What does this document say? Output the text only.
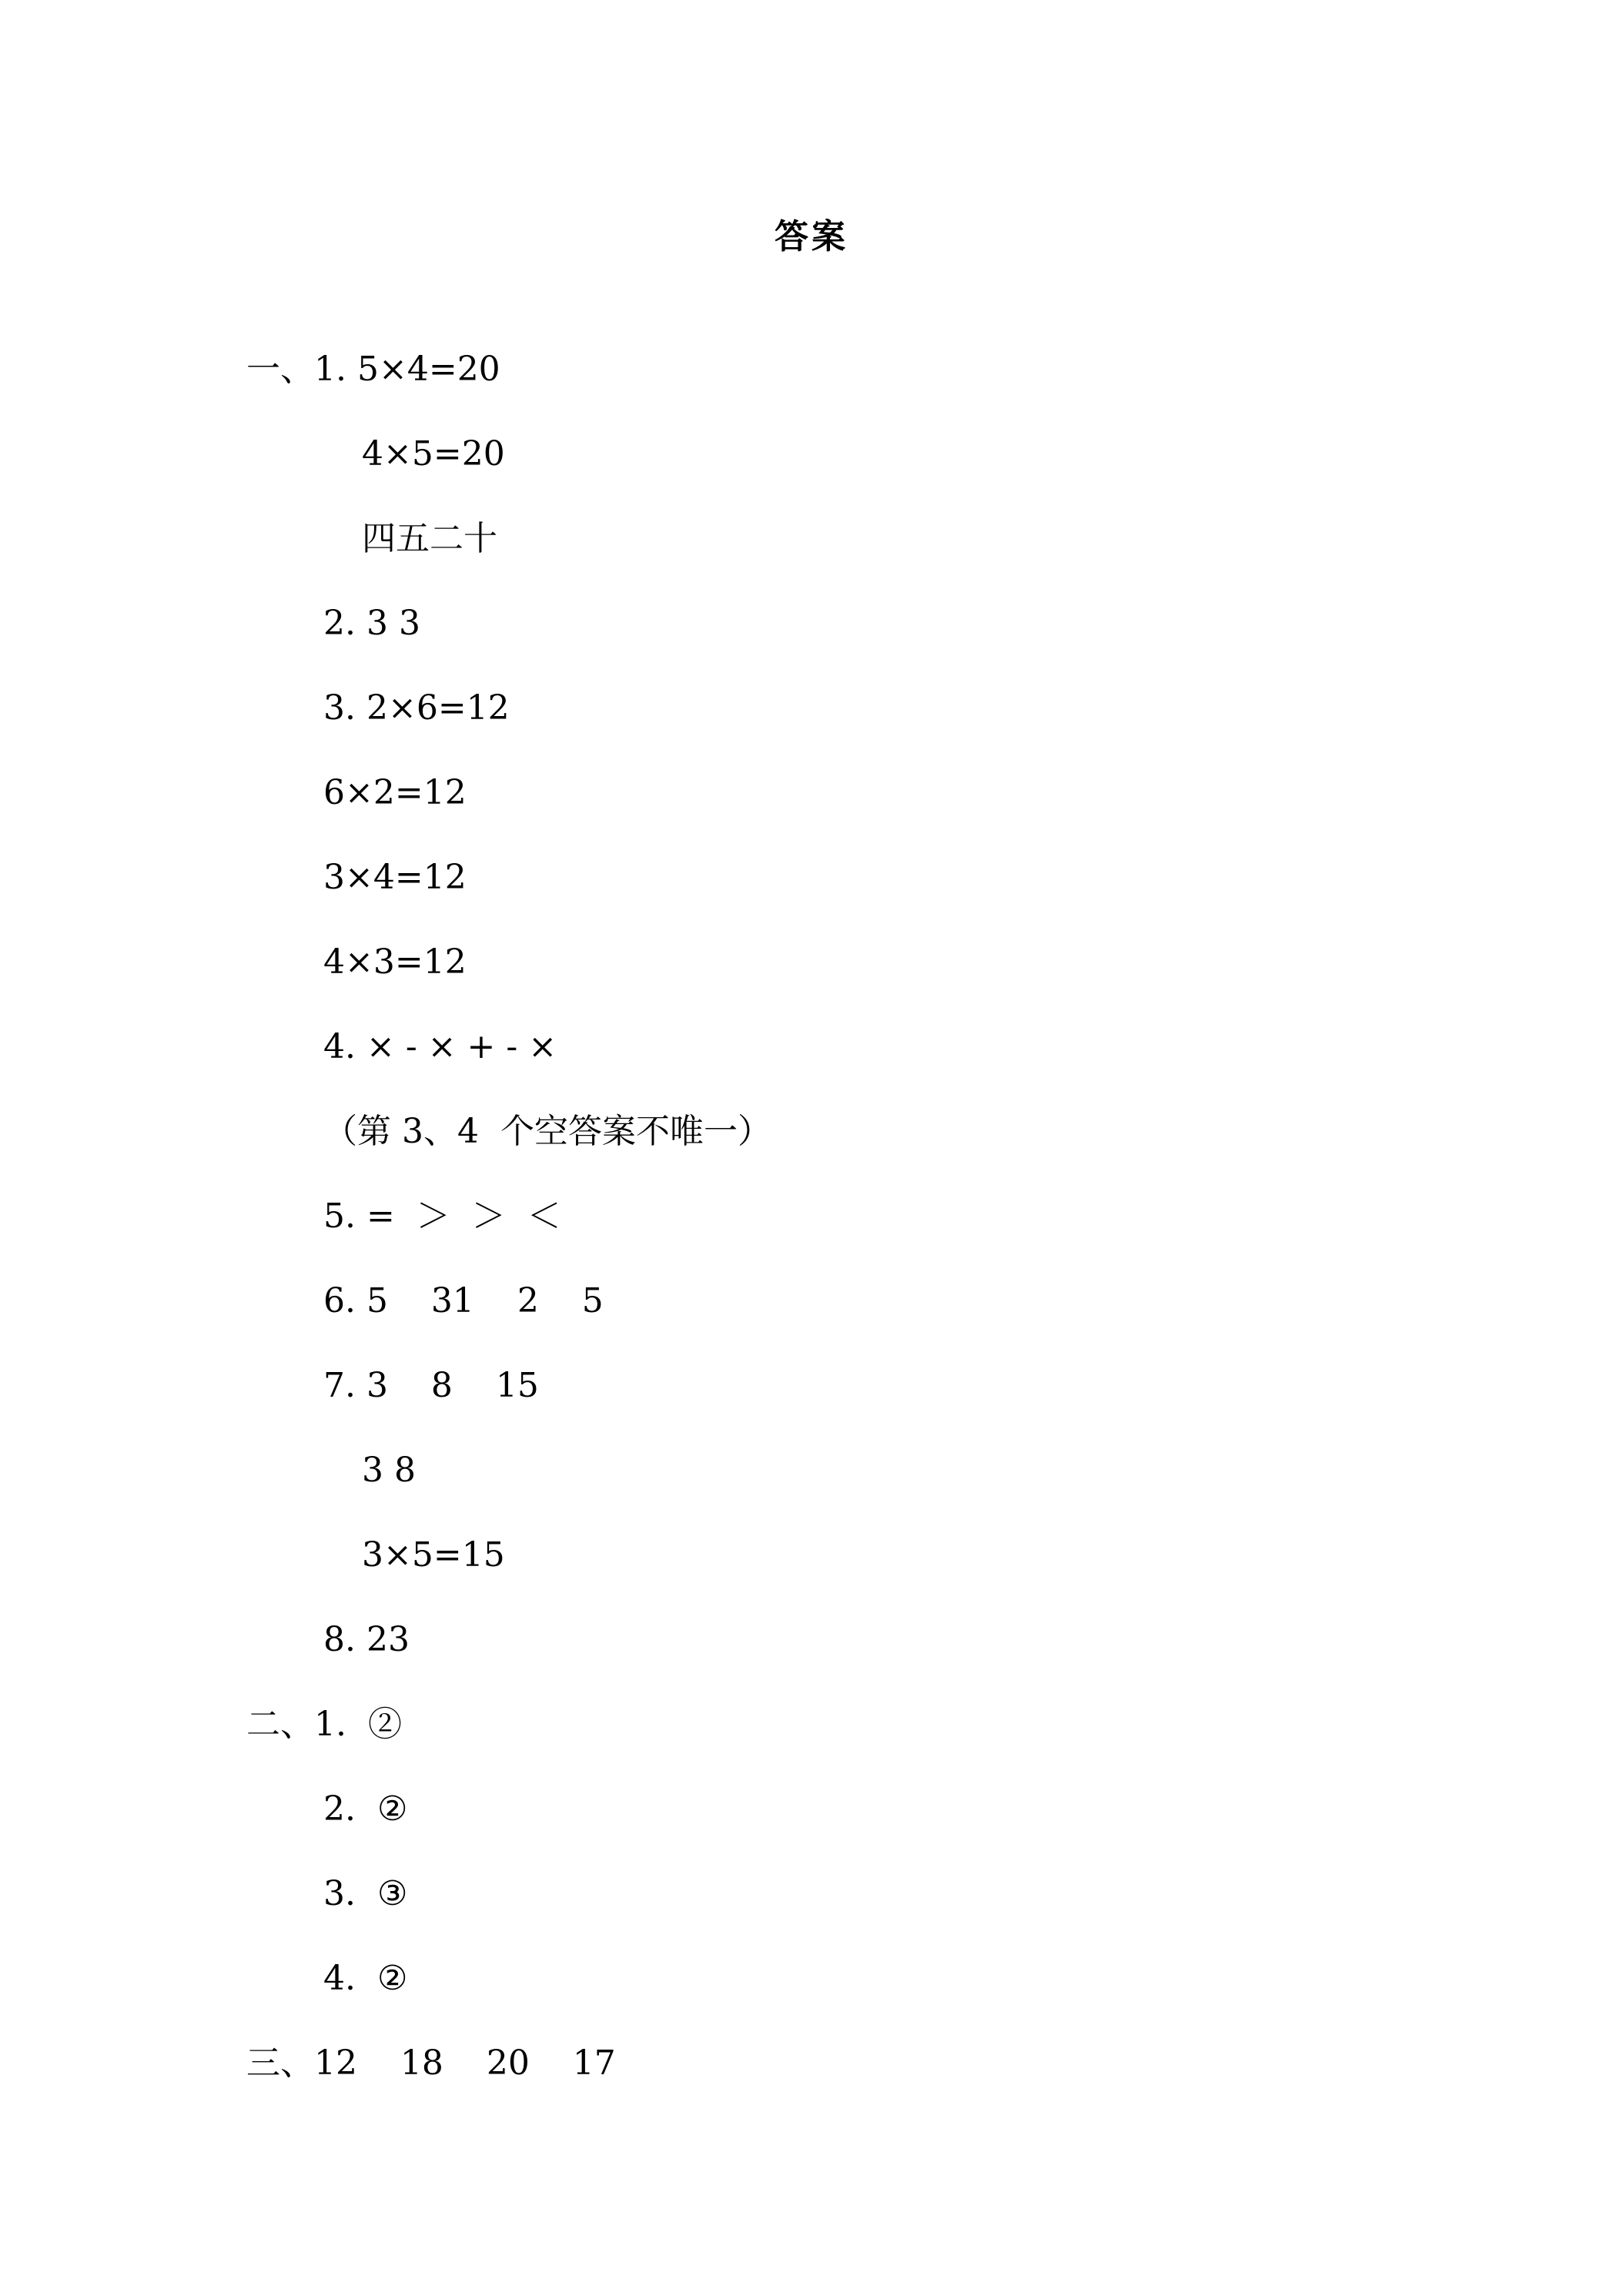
答案
一、1. 5×4=20
4×5=20
四五二十
2. 3 3
3. 2×6=12
6×2=12
3×4=12
4×3=12
4. × - × + - ×
（第 3、4  个空答案不唯一）
5. =  ＞  ＞  ＜
6. 5    31    2    5
7. 3    8    15
3 8
3×5=15
8. 23
二、1.  ②
2.  ②
3.  ③
4.  ②
三、12    18    20    17
